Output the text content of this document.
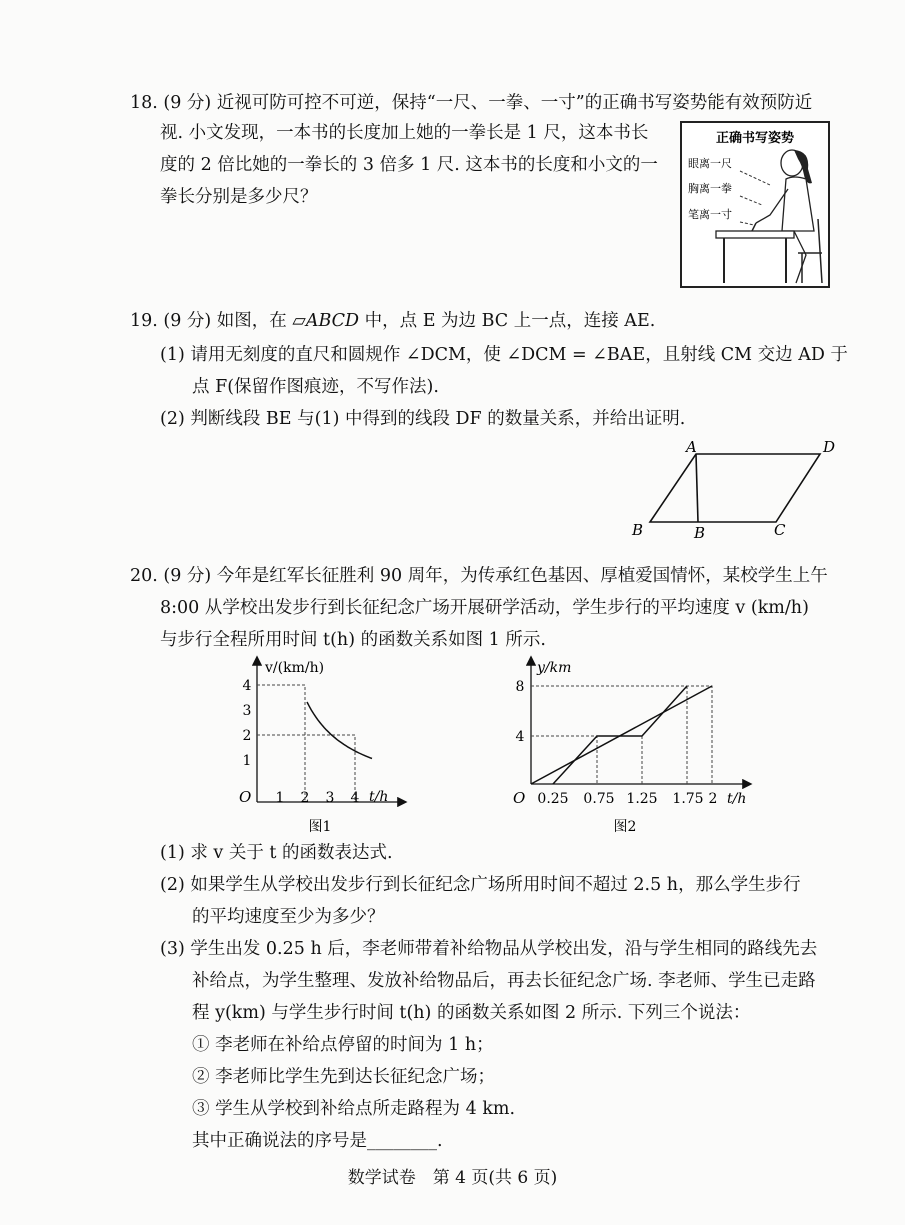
18. (9 分) 近视可防可控不可逆，保持“一尺、一拳、一寸”的正确书写姿势能有效预防近
视. 小文发现，一本书的长度加上她的一拳长是 1 尺，这本书长
度的 2 倍比她的一拳长的 3 倍多 1 尺. 这本书的长度和小文的一
拳长分别是多少尺？
正确书写姿势
眼离一尺
胸离一拳
笔离一寸
19. (9 分) 如图，在 ▱ABCD 中，点 E 为边 BC 上一点，连接 AE.
(1) 请用无刻度的直尺和圆规作 ∠DCM，使 ∠DCM = ∠BAE，且射线 CM 交边 AD 于
点 F(保留作图痕迹，不写作法).
(2) 判断线段 BE 与(1) 中得到的线段 DF 的数量关系，并给出证明.
A	D
B	B	C
20. (9 分) 今年是红军长征胜利 90 周年，为传承红色基因、厚植爱国情怀，某校学生上午
8:00 从学校出发步行到长征纪念广场开展研学活动，学生步行的平均速度 v (km/h)
与步行全程所用时间 t(h) 的函数关系如图 1 所示.
v/(km/h)
t/h
O 1 2 3 4
1
2
3
4
图1
y/km
t/h
O 0.25 0.75 1.25 1.75 2
4
8
图2
(1) 求 v 关于 t 的函数表达式.
(2) 如果学生从学校出发步行到长征纪念广场所用时间不超过 2.5 h，那么学生步行
的平均速度至少为多少？
(3) 学生出发 0.25 h 后，李老师带着补给物品从学校出发，沿与学生相同的路线先去
补给点，为学生整理、发放补给物品后，再去长征纪念广场. 李老师、学生已走路
程 y(km) 与学生步行时间 t(h) 的函数关系如图 2 所示. 下列三个说法：
① 李老师在补给点停留的时间为 1 h；
② 李老师比学生先到达长征纪念广场；
③ 学生从学校到补给点所走路程为 4 km.
其中正确说法的序号是________.
数学试卷　第 4 页(共 6 页)
